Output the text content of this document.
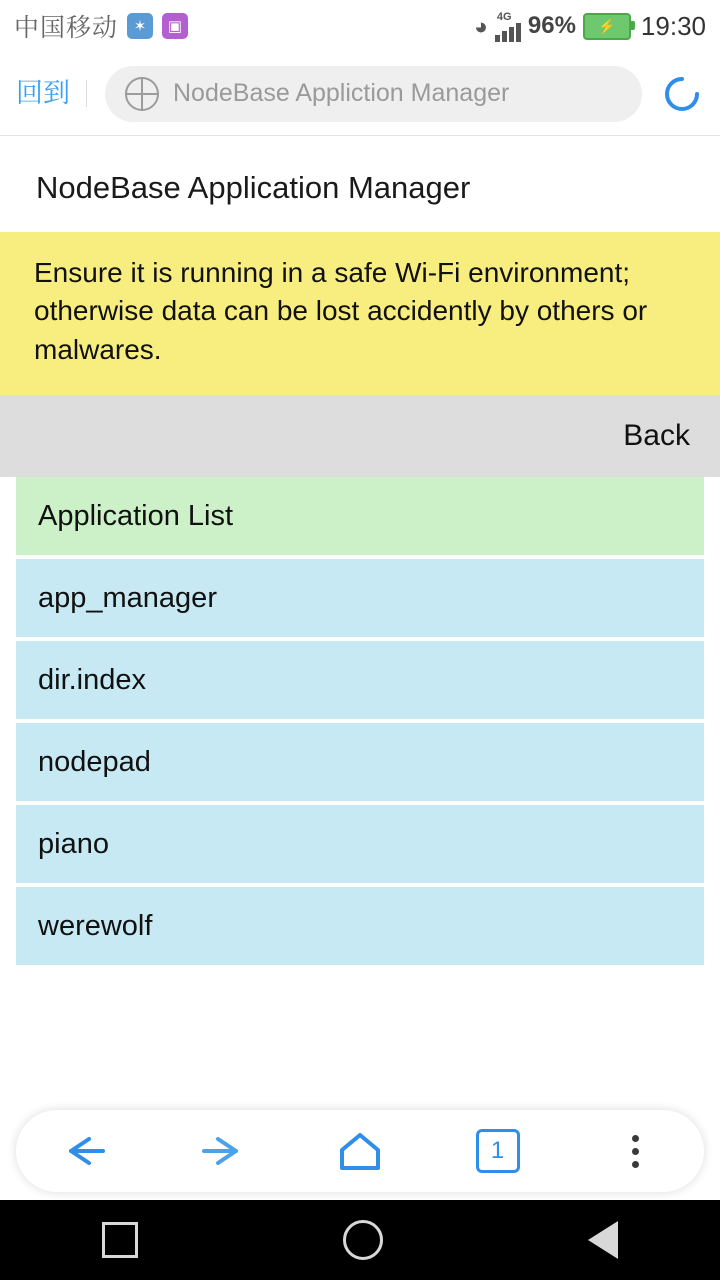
中国移动	✶	▣	◕ 4G 96% ⚡ 19:30
回到	NodeBase Appliction Manager
NodeBase Application Manager
Ensure it is running in a safe Wi-Fi environment; otherwise data can be lost accidently by others or malwares.
Back
Application List
app_manager
dir.index
nodepad
piano
werewolf
1
